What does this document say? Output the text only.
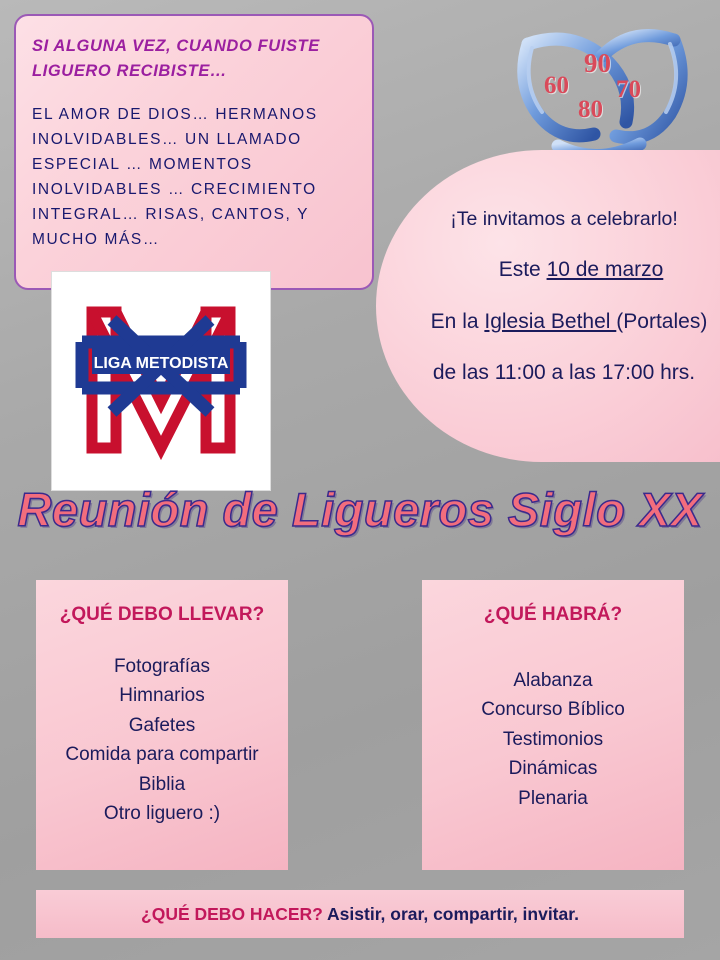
SI ALGUNA VEZ, CUANDO FUISTE LIGUERO RECIBISTE…

EL AMOR DE DIOS… HERMANOS INOLVIDABLES… UN LLAMADO ESPECIAL … MOMENTOS INOLVIDABLES … CRECIMIENTO INTEGRAL… RISAS, CANTOS, Y MUCHO MÁS…

90
60 70
80
¡Te invitamos a celebrarlo!
Este 10 de marzo
En la Iglesia Bethel (Portales)
de las 11:00 a las 17:00 hrs.
LIGA METODISTA
Reunión de Ligueros Siglo XX
¿QUÉ DEBO LLEVAR?
Fotografías
Himnarios
Gafetes
Comida para compartir
Biblia
Otro liguero :)
¿QUÉ HABRÁ?
Alabanza
Concurso Bíblico
Testimonios
Dinámicas
Plenaria
¿QUÉ DEBO HACER? Asistir, orar, compartir, invitar.
